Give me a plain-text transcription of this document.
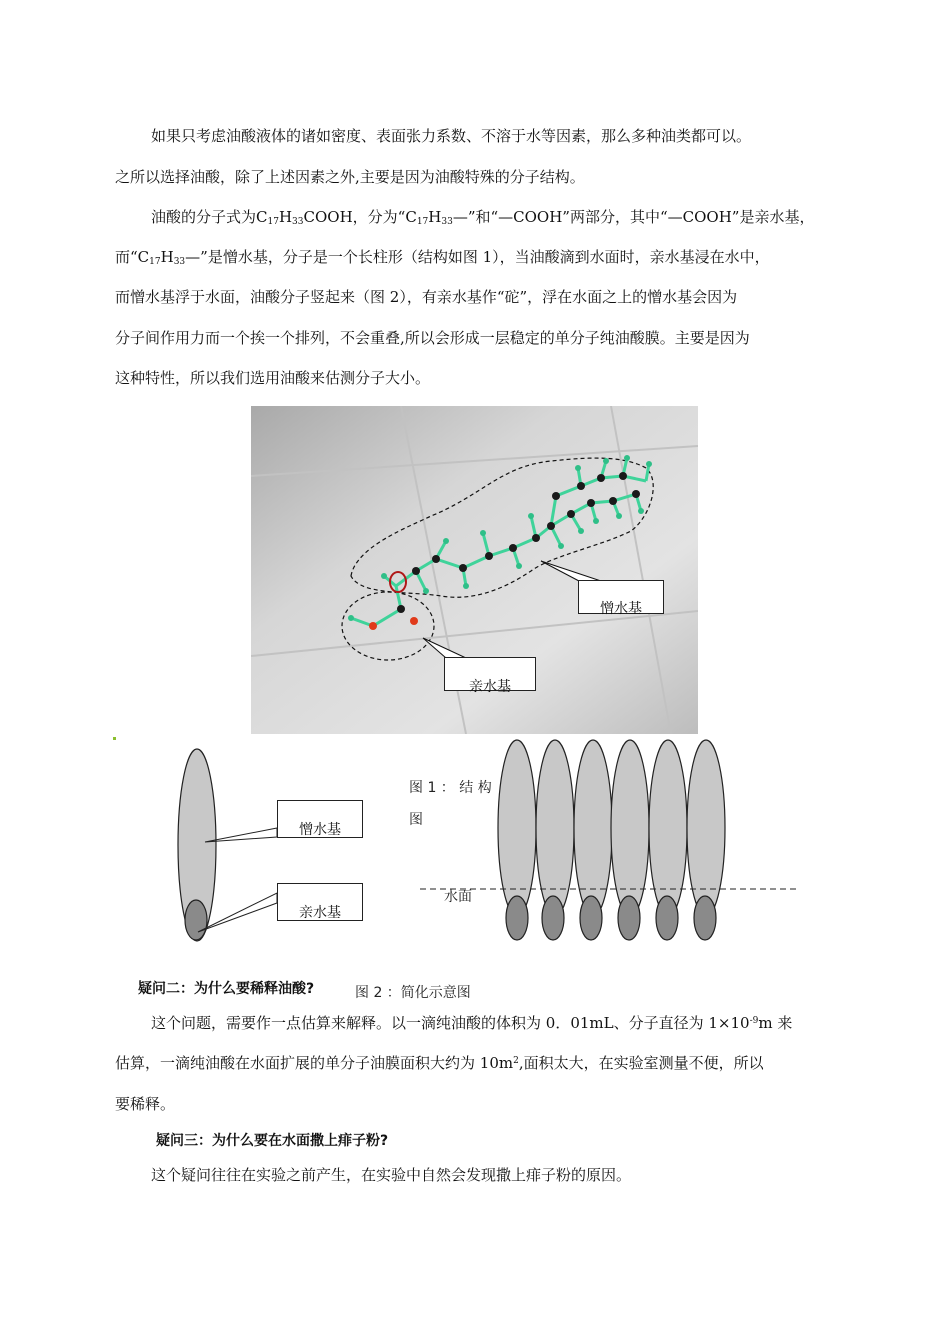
如果只考虑油酸液体的诸如密度、表面张力系数、不溶于水等因素，那么多种油类都可以。

之所以选择油酸，除了上述因素之外,主要是因为油酸特殊的分子结构。

油酸的分子式为$C_{17}H_{33}COOH$，分为“$C_{17}H_{33}—$”和“—COOH”两部分，其中“—COOH”是亲水基，

而“$C_{17}H_{33}—$”是憎水基，分子是一个长柱形（结构如图 1），当油酸滴到水面时，亲水基浸在水中，

而憎水基浮于水面，油酸分子竖起来（图 2），有亲水基作“砣”，浮在水面之上的憎水基会因为

分子间作用力而一个挨一个排列，不会重叠,所以会形成一层稳定的单分子纯油酸膜。主要是因为

这种特性，所以我们选用油酸来估测分子大小。

憎水基
亲水基
憎水基
亲水基
图 1 ： 结 构
图
水面
疑问二：为什么要稀释油酸?	图 2 ：简化示意图

这个问题，需要作一点估算来解释。以一滴纯油酸的体积为 0．01mL、分子直径为 $1\times 10^{-9}m$ 来

估算，一滴纯油酸在水面扩展的单分子油膜面积大约为 $10m^2$,面积太大，在实验室测量不便，所以

要稀释。

疑问三：为什么要在水面撒上痱子粉?

这个疑问往往在实验之前产生，在实验中自然会发现撒上痱子粉的原因。
